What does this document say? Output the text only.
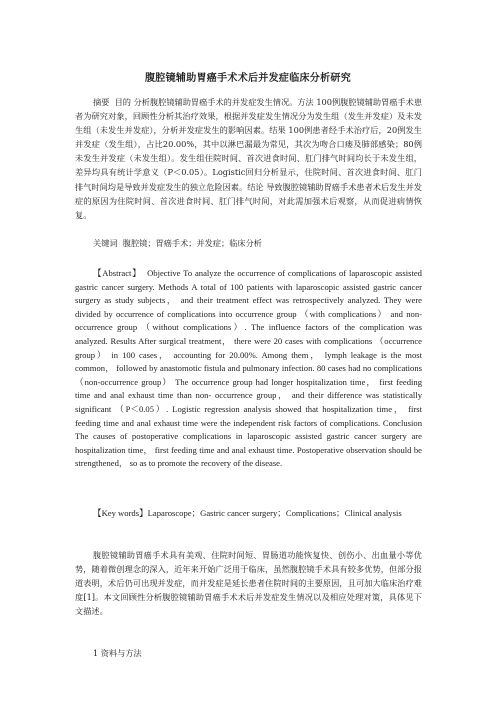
腹腔镜辅助胃癌手术术后并发症临床分析研究

摘要 目的 分析腹腔镜辅助胃癌手术的并发症发生情况。方法 100例腹腔镜辅助胃癌手术患者为研究对象，回顾性分析其治疗效果，根据并发症发生情况分为发生组（发生并发症）及未发生组（未发生并发症），分析并发症发生的影响因素。结果 100例患者经手术治疗后，20例发生并发症（发生组），占比20.00%，其中以淋巴漏最为常见，其次为吻合口瘘及肺部感染；80例未发生并发症（未发生组）。发生组住院时间、首次进食时间、肛门排气时间均长于未发生组，差异均具有统计学意义（P＜0.05）。Logistic回归分析显示，住院时间、首次进食时间、肛门排气时间均是导致并发症发生的独立危险因素。结论 导致腹腔镜辅助胃癌手术患者术后发生并发症的原因为住院时间、首次进食时间、肛门排气时间，对此需加强术后观察，从而促进病情恢复。

关键词 腹腔镜；胃癌手术；并发症；临床分析

【Abstract】 Objective To analyze the occurrence of complications of laparoscopic assisted gastric cancer surgery. Methods A total of 100 patients with laparoscopic assisted gastric cancer surgery as study subjects， and their treatment effect was retrospectively analyzed. They were divided by occurrence of complications into occurrence group （with complications） and non-occurrence group （without complications）. The influence factors of the complication was analyzed. Results After surgical treatment， there were 20 cases with complications （occurrence group） in 100 cases， accounting for 20.00%. Among them， lymph leakage is the most common， followed by anastomotic fistula and pulmonary infection. 80 cases had no complications （non-occurrence group） The occurrence group had longer hospitalization time， first feeding time and anal exhaust time than non- occurrence group， and their difference was statistically significant （P＜0.05）. Logistic regression analysis showed that hospitalization time， first feeding time and anal exhaust time were the independent risk factors of complications. Conclusion The causes of postoperative complications in laparoscopic assisted gastric cancer surgery are hospitalization time， first feeding time and anal exhaust time. Postoperative observation should be strengthened， so as to promote the recovery of the disease.

【Key words】Laparoscope；Gastric cancer surgery；Complications；Clinical analysis

腹腔镜辅助胃癌手术具有美观、住院时间短、胃肠道功能恢复快、创伤小、出血量小等优势，随着微创理念的深入，近年来开始广泛用于临床，虽然腹腔镜手术具有较多优势，但部分报道表明，术后仍可出现并发症，而并发症是延长患者住院时间的主要原因，且可加大临床治疗难度[1]。本文回顾性分析腹腔镜辅助胃癌手术术后并发症发生情况以及相应处理对策，具体见下文描述。

1 资料与方法
